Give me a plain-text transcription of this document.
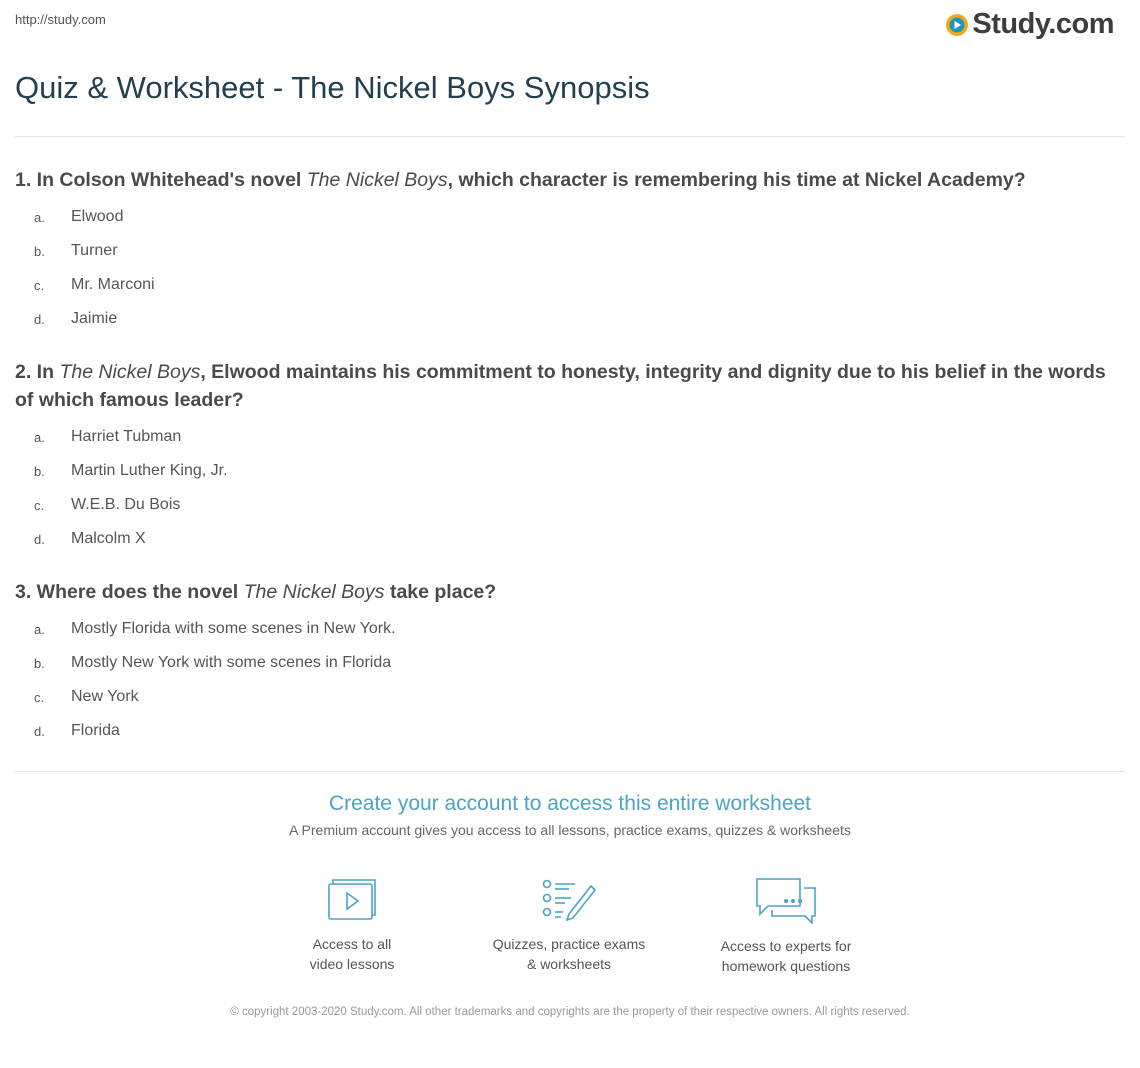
http://study.com	Study.com
Quiz & Worksheet - The Nickel Boys Synopsis

1. In Colson Whitehead's novel The Nickel Boys, which character is remembering his time at Nickel Academy?

a.	Elwood
b.	Turner
c.	Mr. Marconi
d.	Jaimie

2. In The Nickel Boys, Elwood maintains his commitment to honesty, integrity and dignity due to his belief in the words of which famous leader?

a.	Harriet Tubman
b.	Martin Luther King, Jr.
c.	W.E.B. Du Bois
d.	Malcolm X

3. Where does the novel The Nickel Boys take place?

a.	Mostly Florida with some scenes in New York.
b.	Mostly New York with some scenes in Florida
c.	New York
d.	Florida

Create your account to access this entire worksheet

A Premium account gives you access to all lessons, practice exams, quizzes & worksheets
Access to all
video lessons
Quizzes, practice exams
& worksheets
Access to experts for
homework questions
© copyright 2003-2020 Study.com. All other trademarks and copyrights are the property of their respective owners. All rights reserved.
